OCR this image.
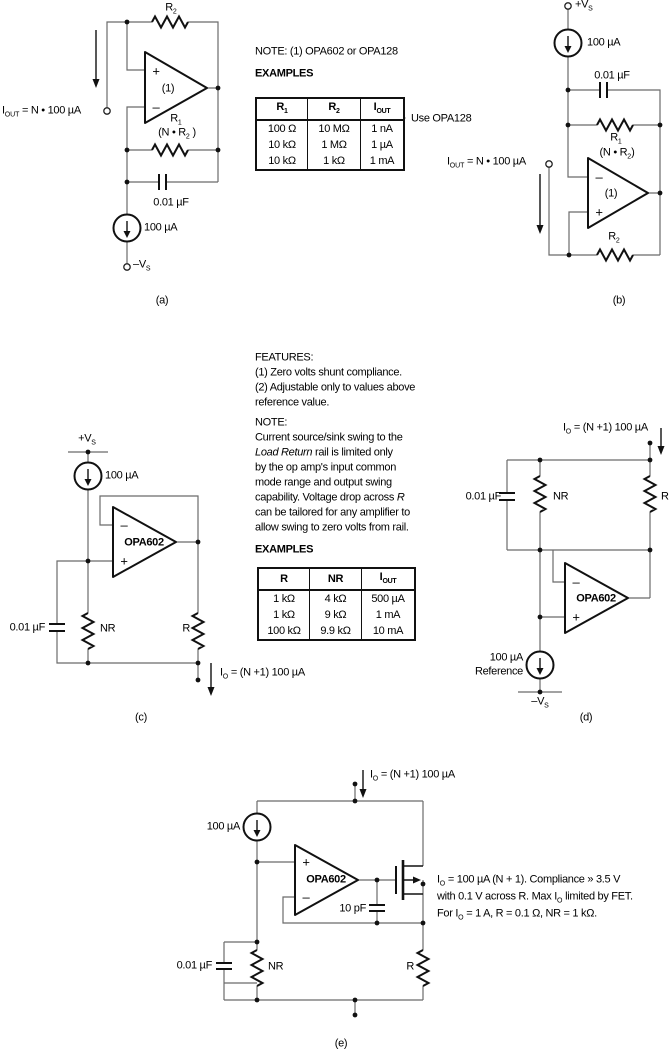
$R_1$	$R_2$	$I_{OUT}$
100 Ω	10 MΩ	1 nA
10 kΩ	1 MΩ	1 µA
10 kΩ	1 kΩ	1 mA
R	NR	$I_{OUT}$
1 kΩ	4 kΩ	500 µA
1 kΩ	9 kΩ	1 mA
100 kΩ	9.9 kΩ	10 mA
NOTE: (1) OPA602 or OPA128
EXAMPLES
Use OPA128
FEATURES:
(1) Zero volts shunt compliance.
(2) Adjustable only to values above
reference value.
NOTE:
Current source/sink swing to the
Load Return rail is limited only
by the op amp's input common
mode range and output swing
capability. Voltage drop across R
can be tailored for any amplifier to
allow swing to zero volts from rail.
EXAMPLES
$R_2$
$I_{OUT} = N$ • 100 µA
+
(1)
–
$R_1$
(N • $R_2$ )
0.01 µF
100 µA
$-V_S$
(a)
$+V_S$
100 µA
0.01 µF
$R_1$
(N • $R_2$)
$I_{OUT} = N$ • 100 µA
–
(1)
+
$R_2$
(b)
$+V_S$
100 µA
–
OPA602
+
0.01 µF	NR	R
$I_O = (N +1)$ 100 µA
(c)
$I_O = (N +1)$ 100 µA
0.01 µF	NR	R
–
OPA602
+
100 µA
Reference
$-V_S$
(d)
$I_O = (N +1)$ 100 µA
100 µA
+
OPA602
–
10 pF
0.01 µF	NR	R
$I_O = 100$ µA (N + 1). Compliance » 3.5 V
with 0.1 V across R. Max $I_O$ limited by FET.
For $I_O = 1$ A, R = 0.1 Ω, NR = 1 kΩ.
(e)
